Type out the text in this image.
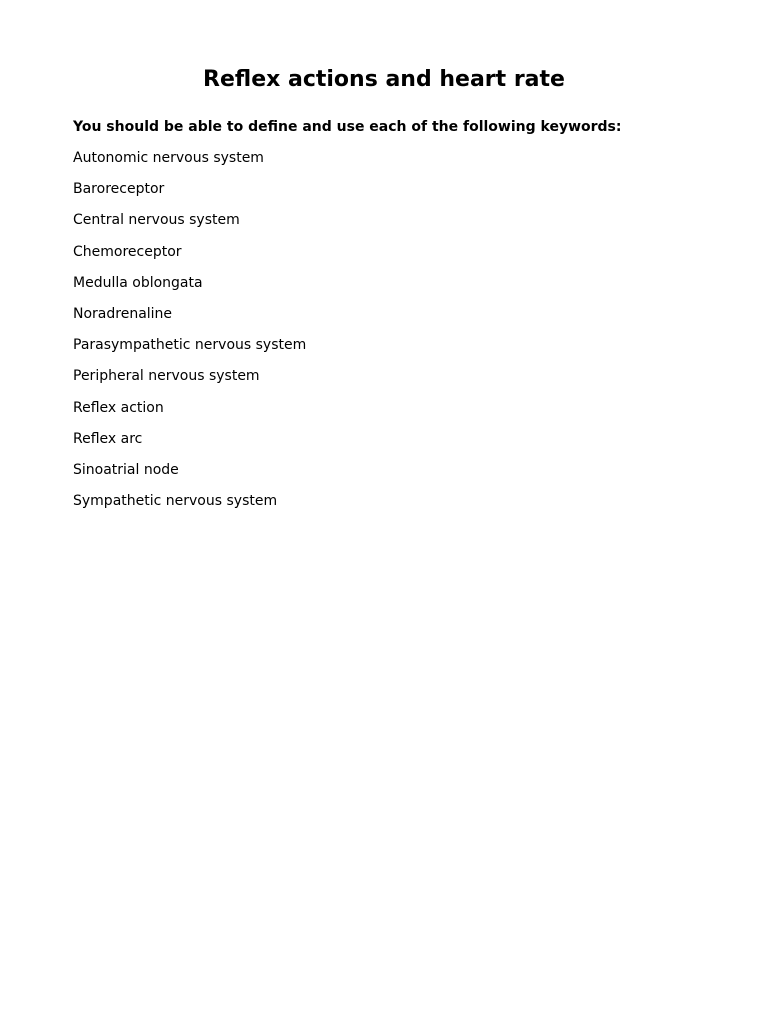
Reflex actions and heart rate

You should be able to define and use each of the following keywords:

Autonomic nervous system
Baroreceptor
Central nervous system
Chemoreceptor
Medulla oblongata
Noradrenaline
Parasympathetic nervous system
Peripheral nervous system
Reflex action
Reflex arc
Sinoatrial node
Sympathetic nervous system
